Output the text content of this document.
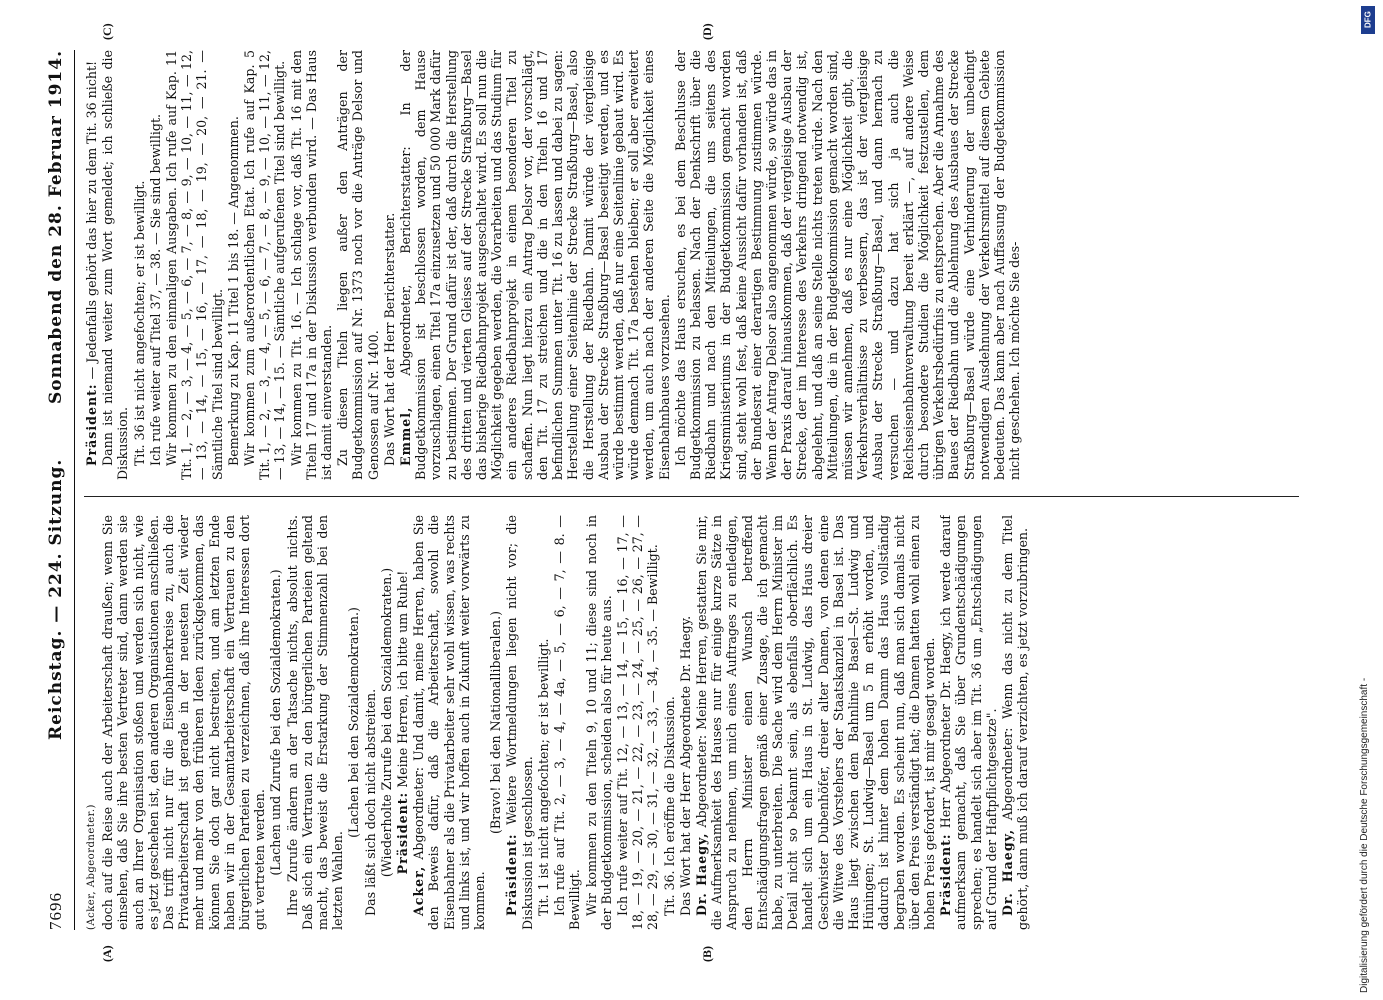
7696
Reichstag. — 224. Sitzung.
Sonnabend den 28. Februar 1914.
(A)	(B)
(C)	(D)

(Acker, Abgeordneter.) doch auf die Reise auch der Arbeiterschaft draußen; wenn Sie einsehen, daß Sie ihre besten Vertreter sind, dann werden sie auch an Ihrer Organisation stoßen und werden sich nicht, wie es jetzt geschehen ist, den anderen Organisationen anschließen. Das trifft nicht nur für die Eisenbahnerkreise zu, auch die Privatarbeiterschaft ist gerade in der neuesten Zeit wieder mehr und mehr von den früheren Ideen zurückgekommen, das können Sie doch gar nicht bestreiten, und am letzten Ende haben wir in der Gesamtarbeiterschaft ein Vertrauen zu den bürgerlichen Parteien zu verzeichnen, daß ihre Interessen dort gut vertreten werden. (Lachen und Zurufe bei den Sozialdemokraten.) Ihre Zurufe ändern an der Tatsache nichts, absolut nichts. Daß sich ein Vertrauen zu den bürgerlichen Parteien geltend macht, das beweist die Erstarkung der Stimmenzahl bei den letzten Wahlen.

(Lachen bei den Sozialdemokraten.) Das läßt sich doch nicht abstreiten. (Wiederholte Zurufe bei den Sozialdemokraten.) Präsident: Meine Herren, ich bitte um Ruhe!

Acker, Abgeordneter: Und damit, meine Herren, haben Sie den Beweis dafür, daß die Arbeiterschaft, sowohl die Eisenbahner als die Privatarbeiter sehr wohl wissen, was rechts und links ist, und wir hoffen auch in Zukunft weiter vorwärts zu kommen.

(Bravo! bei den Nationalliberalen.)

Präsident: Weitere Wortmeldungen liegen nicht vor; die Diskussion ist geschlossen. Tit. 1 ist nicht angefochten; er ist bewilligt. Ich rufe auf Tit. 2, — 3, — 4, — 4a, — 5, — 6, — 7, — 8. — Bewilligt. Wir kommen zu den Titeln 9, 10 und 11; diese sind noch in der Budgetkommission, scheiden also für heute aus. Ich rufe weiter auf Tit. 12, — 13, — 14, — 15, — 16, — 17, — 18, — 19, — 20, — 21, — 22, — 23, — 24, — 25, — 26, — 27, — 28, — 29, — 30, — 31, — 32, — 33, — 34, — 35. — Bewilligt. Tit. 36. Ich eröffne die Diskussion. Das Wort hat der Herr Abgeordnete Dr. Haegy. Dr. Haegy, Abgeordneter: Meine Herren, gestatten Sie mir, die Aufmerksamkeit des Hauses nur für einige kurze Sätze in Anspruch zu nehmen, um mich eines Auftrages zu entledigen, den Herrn Minister einen Wunsch betreffend Entschädigungsfragen gemäß einer Zusage, die ich gemacht habe, zu unterbreiten. Die Sache wird dem Herrn Minister im Detail nicht so bekannt sein, als ebenfalls oberflächlich. Es handelt sich um ein Haus in St. Ludwig, das Haus dreier Geschwister Dubenhöfer, dreier alter Damen, von denen eine die Witwe des Vorstehers der Staatskanzlei in Basel ist. Das Haus liegt zwischen dem Bahnlinie Basel—St. Ludwig und Hüningen; St. Ludwig—Basel um 5 m erhöht worden, und dadurch ist hinter dem hohen Damm das Haus vollständig begraben worden. Es scheint nun, daß man sich damals nicht über den Preis verständigt hat; die Damen hatten wohl einen zu hohen Preis gefordert, ist mir gesagt worden. Präsident: Herr Abgeordneter Dr. Haegy, ich werde darauf aufmerksam gemacht, daß Sie über Grundentschädigungen sprechen; es handelt sich aber im Tit. 36 um „Entschädigungen auf Grund der Haftpflichtgesetze". Dr. Haegy, Abgeordneter: Wenn das nicht zu dem Titel gehört, dann muß ich darauf verzichten, es jetzt vorzubringen.

Präsident: — Jedenfalls gehört das hier zu dem Tit. 36 nicht! Dann ist niemand weiter zum Wort gemeldet; ich schließe die Diskussion. Tit. 36 ist nicht angefochten; er ist bewilligt. Ich rufe weiter auf Titel 37, — 38. — Sie sind bewilligt. Wir kommen zu den einmaligen Ausgaben. Ich rufe auf Kap. 11 Tit. 1, — 2, — 3, — 4, — 5, — 6, — 7, — 8, — 9, — 10, — 11, — 12, — 13, — 14, — 15, — 16, — 17, — 18, — 19, — 20, — 21. — Sämtliche Titel sind bewilligt. Bemerkung zu Kap. 11 Titel 1 bis 18. — Angenommen. Wir kommen zum außerordentlichen Etat. Ich rufe auf Kap. 5 Tit. 1, — 2, — 3, — 4, — 5, — 6, — 7, — 8, — 9, — 10, — 11, — 12, — 13, — 14, — 15. — Sämtliche aufgerufenen Titel sind bewilligt. Wir kommen zu Tit. 16. — Ich schlage vor, daß Tit. 16 mit den Titeln 17 und 17a in der Diskussion verbunden wird. — Das Haus ist damit einverstanden. Zu diesen Titeln liegen außer den Anträgen der Budgetkommission auf Nr. 1373 noch vor die Anträge Delsor und Genossen auf Nr. 1400. Das Wort hat der Herr Berichterstatter. Emmel, Abgeordneter, Berichterstatter: In der Budgetkommission ist beschlossen worden, dem Hause vorzuschlagen, einen Titel 17a einzusetzen und 50 000 Mark dafür zu bestimmen. Der Grund dafür ist der, daß durch die Herstellung des dritten und vierten Gleises auf der Strecke Straßburg—Basel das bisherige Riedbahnprojekt ausgeschaltet wird. Es soll nun die Möglichkeit gegeben werden, die Vorarbeiten und das Studium für ein anderes Riedbahnprojekt in einem besonderen Titel zu schaffen. Nun liegt hierzu ein Antrag Delsor vor, der vorschlägt, den Tit. 17 zu streichen und die in den Titeln 16 und 17 befindlichen Summen unter Tit. 16 zu lassen und dabei zu sagen: Herstellung einer Seitenlinie der Strecke Straßburg—Basel, also die Herstellung der Riedbahn. Damit würde der viergleisige Ausbau der Strecke Straßburg—Basel beseitigt werden, und es würde bestimmt werden, daß nur eine Seitenlinie gebaut wird. Es würde demnach Tit. 17a bestehen bleiben; er soll aber erweitert werden, um auch nach der anderen Seite die Möglichkeit eines Eisenbahnbaues vorzusehen. Ich möchte das Haus ersuchen, es bei dem Beschlusse der Budgetkommission zu belassen. Nach der Denkschrift über die Riedbahn und nach den Mitteilungen, die uns seitens des Kriegsministeriums in der Budgetkommission gemacht worden sind, steht wohl fest, daß keine Aussicht dafür vorhanden ist, daß der Bundesrat einer derartigen Bestimmung zustimmen würde. Wenn der Antrag Delsor also angenommen würde, so würde das in der Praxis darauf hinauskommen, daß der viergleisige Ausbau der Strecke, der im Interesse des Verkehrs dringend notwendig ist, abgelehnt, und daß an seine Stelle nichts treten würde. Nach den Mitteilungen, die in der Budgetkommission gemacht worden sind, müssen wir annehmen, daß es nur eine Möglichkeit gibt, die Verkehrsverhältnisse zu verbessern, das ist der viergleisige Ausbau der Strecke Straßburg—Basel, und dann hernach zu versuchen — und dazu hat sich ja auch die Reichseisenbahnverwaltung bereit erklärt —, auf andere Weise durch besondere Studien die Möglichkeit festzustellen, dem übrigen Verkehrsbedürfnis zu entsprechen. Aber die Annahme des Baues der Riedbahn und die Ablehnung des Ausbaues der Strecke Straßburg—Basel würde eine Verhinderung der unbedingt notwendigen Ausdehnung der Verkehrsmittel auf diesem Gebiete bedeuten. Das kann aber nach Auffassung der Budgetkommission nicht geschehen. Ich möchte Sie des-

Digitalisierung gefördert durch die Deutsche Forschungsgemeinschaft -
DFG
